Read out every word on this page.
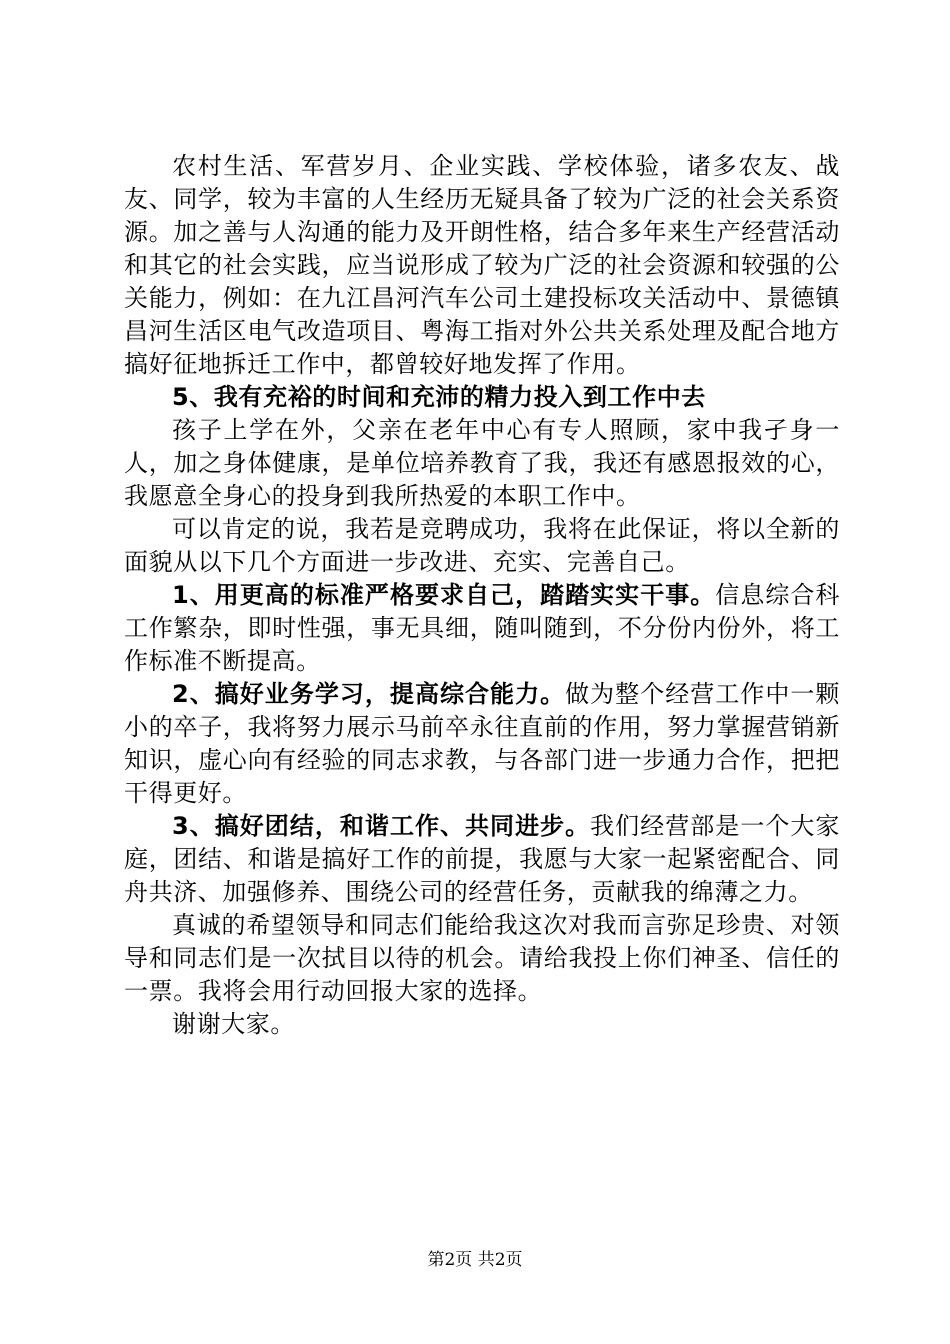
农村生活、军营岁月、企业实践、学校体验，诸多农友、战友、同学，较为丰富的人生经历无疑具备了较为广泛的社会关系资源。加之善与人沟通的能力及开朗性格，结合多年来生产经营活动和其它的社会实践，应当说形成了较为广泛的社会资源和较强的公关能力，例如：在九江昌河汽车公司土建投标攻关活动中、景德镇昌河生活区电气改造项目、粤海工指对外公共关系处理及配合地方搞好征地拆迁工作中，都曾较好地发挥了作用。

5、我有充裕的时间和充沛的精力投入到工作中去

孩子上学在外，父亲在老年中心有专人照顾，家中我孑身一人，加之身体健康，是单位培养教育了我，我还有感恩报效的心，我愿意全身心的投身到我所热爱的本职工作中。

可以肯定的说，我若是竞聘成功，我将在此保证，将以全新的面貌从以下几个方面进一步改进、充实、完善自己。

1、用更高的标准严格要求自己，踏踏实实干事。信息综合科工作繁杂，即时性强，事无具细，随叫随到，不分份内份外，将工作标准不断提高。

2、搞好业务学习，提高综合能力。做为整个经营工作中一颗小的卒子，我将努力展示马前卒永往直前的作用，努力掌握营销新知识，虚心向有经验的同志求教，与各部门进一步通力合作，把把干得更好。

3、搞好团结，和谐工作、共同进步。我们经营部是一个大家庭，团结、和谐是搞好工作的前提，我愿与大家一起紧密配合、同舟共济、加强修养、围绕公司的经营任务，贡献我的绵薄之力。

真诚的希望领导和同志们能给我这次对我而言弥足珍贵、对领导和同志们是一次拭目以待的机会。请给我投上你们神圣、信任的一票。我将会用行动回报大家的选择。

谢谢大家。

第2页 共2页
